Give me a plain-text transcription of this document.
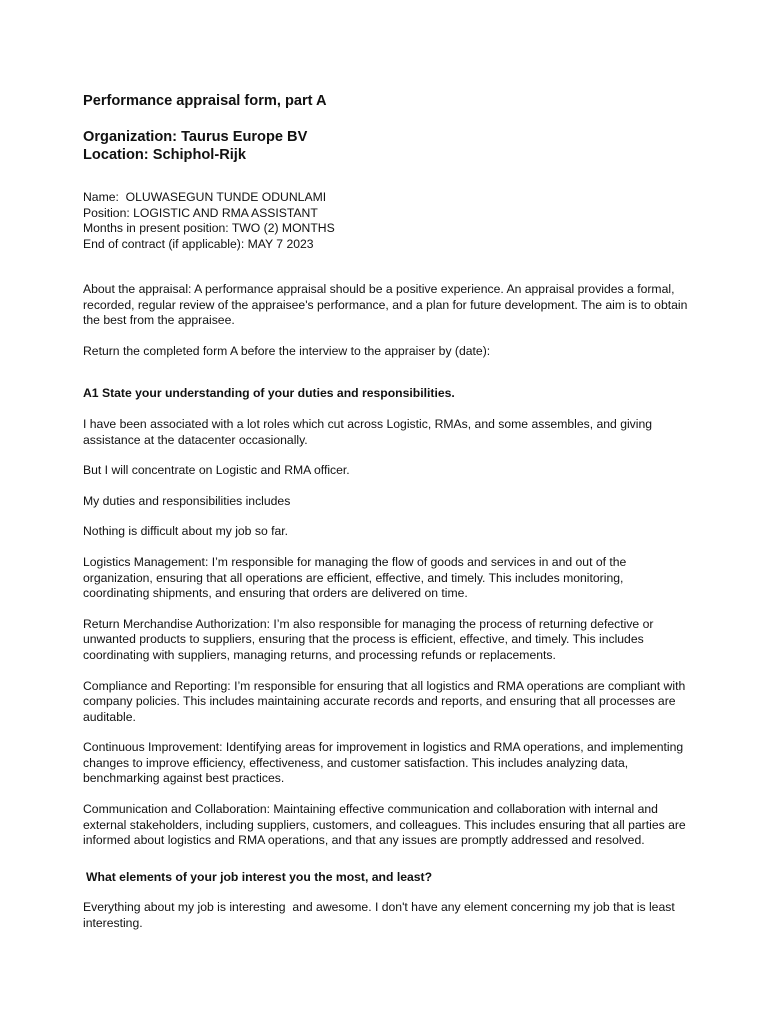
Performance appraisal form, part A
Organization: Taurus Europe BV
Location: Schiphol-Rijk
Name:  OLUWASEGUN TUNDE ODUNLAMI
Position: LOGISTIC AND RMA ASSISTANT
Months in present position: TWO (2) MONTHS
End of contract (if applicable): MAY 7 2023

About the appraisal: A performance appraisal should be a positive experience. An appraisal provides a formal, recorded, regular review of the appraisee's performance, and a plan for future development. The aim is to obtain the best from the appraisee.

Return the completed form A before the interview to the appraiser by (date):

A1 State your understanding of your duties and responsibilities.

I have been associated with a lot roles which cut across Logistic, RMAs, and some assembles, and giving assistance at the datacenter occasionally.

But I will concentrate on Logistic and RMA officer.

My duties and responsibilities includes

Nothing is difficult about my job so far.

Logistics Management: I’m responsible for managing the flow of goods and services in and out of the organization, ensuring that all operations are efficient, effective, and timely. This includes monitoring, coordinating shipments, and ensuring that orders are delivered on time.

Return Merchandise Authorization: I’m also responsible for managing the process of returning defective or unwanted products to suppliers, ensuring that the process is efficient, effective, and timely. This includes coordinating with suppliers, managing returns, and processing refunds or replacements.

Compliance and Reporting: I’m responsible for ensuring that all logistics and RMA operations are compliant with company policies. This includes maintaining accurate records and reports, and ensuring that all processes are auditable.

Continuous Improvement: Identifying areas for improvement in logistics and RMA operations, and implementing changes to improve efficiency, effectiveness, and customer satisfaction. This includes analyzing data, benchmarking against best practices.

Communication and Collaboration: Maintaining effective communication and collaboration with internal and external stakeholders, including suppliers, customers, and colleagues. This includes ensuring that all parties are informed about logistics and RMA operations, and that any issues are promptly addressed and resolved.

What elements of your job interest you the most, and least?

Everything about my job is interesting  and awesome. I don't have any element concerning my job that is least interesting.
